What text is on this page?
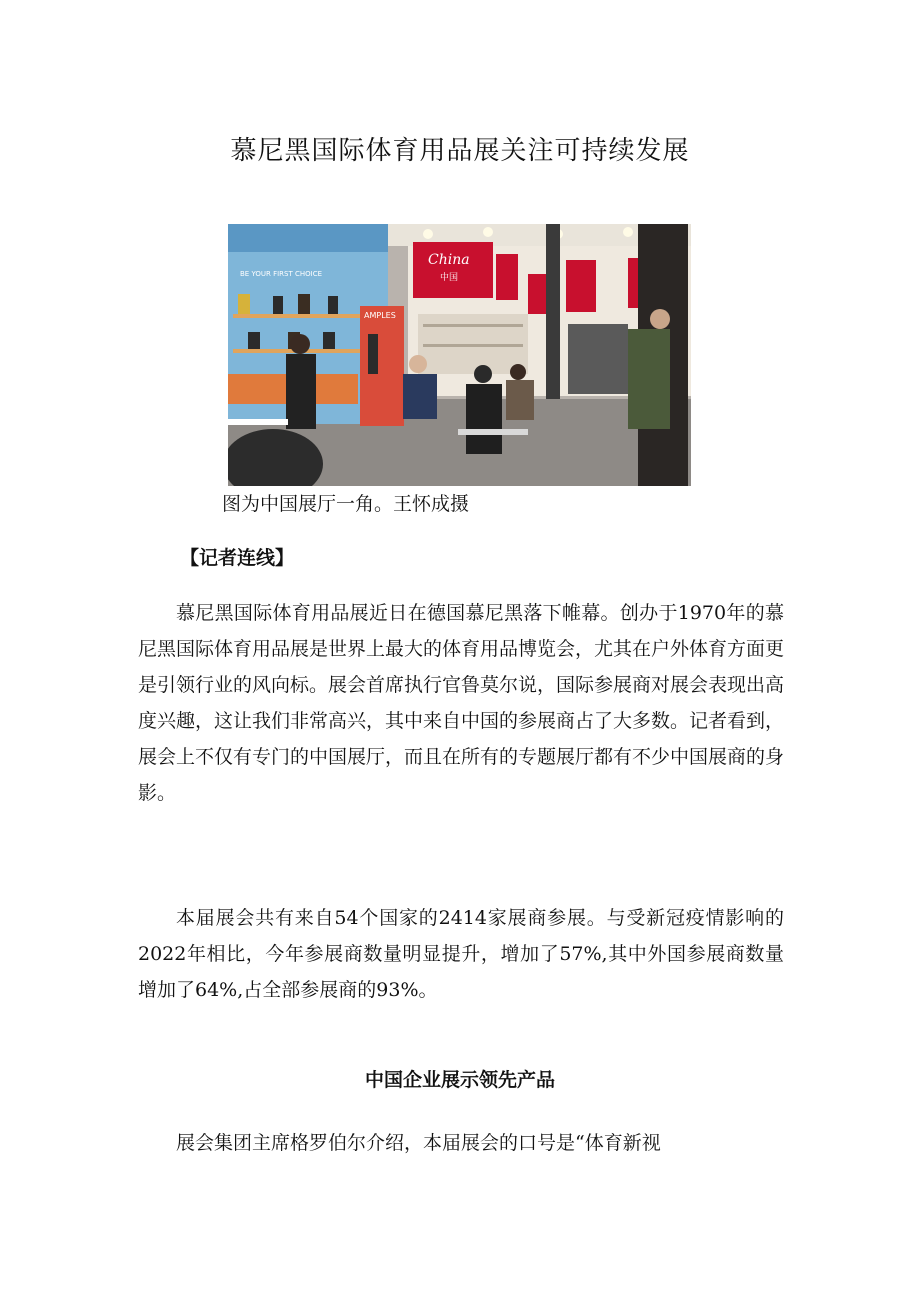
慕尼黑国际体育用品展关注可持续发展
BE YOUR FIRST CHOICE
AMPLES
China
中国
图为中国展厅一角。王怀成摄
【记者连线】

慕尼黑国际体育用品展近日在德国慕尼黑落下帷幕。创办于1970年的慕尼黑国际体育用品展是世界上最大的体育用品博览会，尤其在户外体育方面更是引领行业的风向标。展会首席执行官鲁莫尔说，国际参展商对展会表现出高度兴趣，这让我们非常高兴，其中来自中国的参展商占了大多数。记者看到，展会上不仅有专门的中国展厅，而且在所有的专题展厅都有不少中国展商的身影。

本届展会共有来自54个国家的2414家展商参展。与受新冠疫情影响的2022年相比，今年参展商数量明显提升，增加了57%,其中外国参展商数量增加了64%,占全部参展商的93%。

中国企业展示领先产品

展会集团主席格罗伯尔介绍，本届展会的口号是“体育新视
